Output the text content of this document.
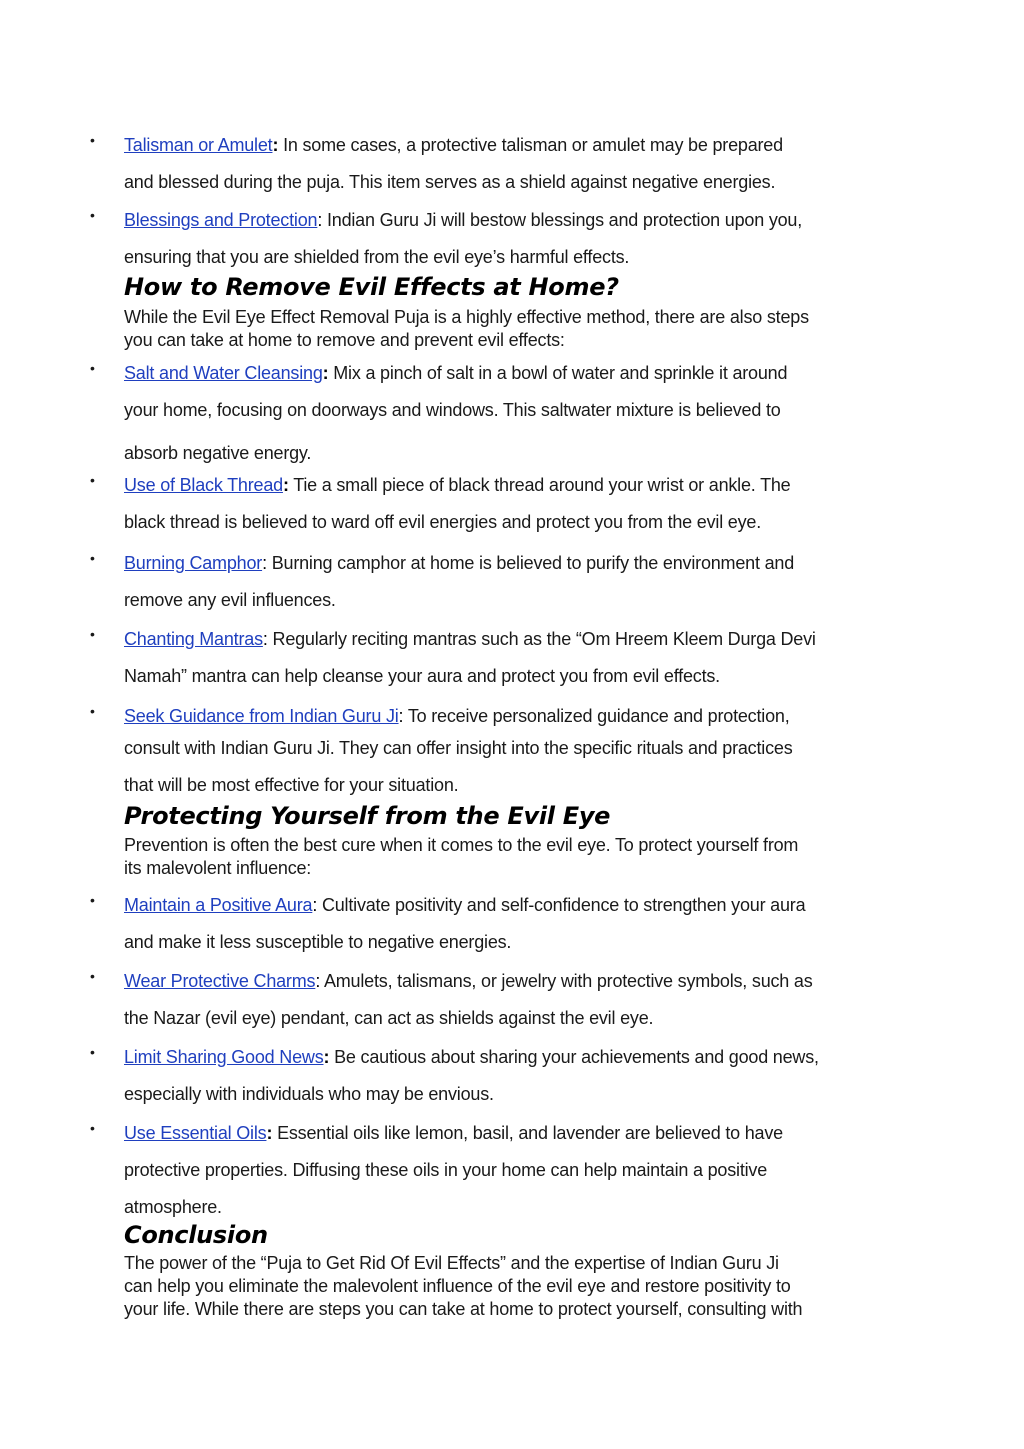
• Talisman or Amulet: In some cases, a protective talisman or amulet may be prepared
and blessed during the puja. This item serves as a shield against negative energies.
• Blessings and Protection: Indian Guru Ji will bestow blessings and protection upon you,
ensuring that you are shielded from the evil eye’s harmful effects.
How to Remove Evil Effects at Home?
While the Evil Eye Effect Removal Puja is a highly effective method, there are also steps
you can take at home to remove and prevent evil effects:
• Salt and Water Cleansing: Mix a pinch of salt in a bowl of water and sprinkle it around
your home, focusing on doorways and windows. This saltwater mixture is believed to
absorb negative energy.
• Use of Black Thread: Tie a small piece of black thread around your wrist or ankle. The
black thread is believed to ward off evil energies and protect you from the evil eye.
• Burning Camphor: Burning camphor at home is believed to purify the environment and
remove any evil influences.
• Chanting Mantras: Regularly reciting mantras such as the “Om Hreem Kleem Durga Devi
Namah” mantra can help cleanse your aura and protect you from evil effects.
• Seek Guidance from Indian Guru Ji: To receive personalized guidance and protection,
consult with Indian Guru Ji. They can offer insight into the specific rituals and practices
that will be most effective for your situation.
Protecting Yourself from the Evil Eye
Prevention is often the best cure when it comes to the evil eye. To protect yourself from
its malevolent influence:
• Maintain a Positive Aura: Cultivate positivity and self-confidence to strengthen your aura
and make it less susceptible to negative energies.
• Wear Protective Charms: Amulets, talismans, or jewelry with protective symbols, such as
the Nazar (evil eye) pendant, can act as shields against the evil eye.
• Limit Sharing Good News: Be cautious about sharing your achievements and good news,
especially with individuals who may be envious.
• Use Essential Oils: Essential oils like lemon, basil, and lavender are believed to have
protective properties. Diffusing these oils in your home can help maintain a positive
atmosphere.
Conclusion
The power of the “Puja to Get Rid Of Evil Effects” and the expertise of Indian Guru Ji
can help you eliminate the malevolent influence of the evil eye and restore positivity to
your life. While there are steps you can take at home to protect yourself, consulting with
